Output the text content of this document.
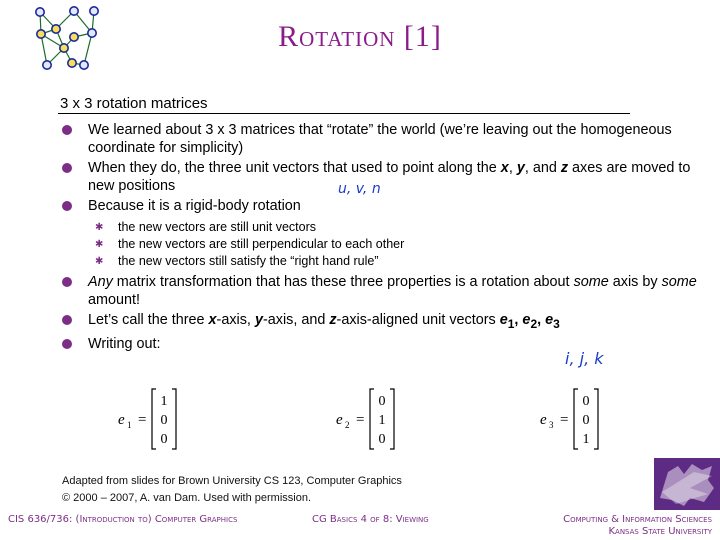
Rotation [1]
3 x 3 rotation matrices
We learned about 3 x 3 matrices that “rotate” the world (we’re leaving out the homogeneous coordinate for simplicity)
When they do, the three unit vectors that used to point along the x, y, and z axes are moved to new positions
Because it is a rigid-body rotation
✱ the new vectors are still unit vectors
✱ the new vectors are still perpendicular to each other
✱ the new vectors still satisfy the “right hand rule”
Any matrix transformation that has these three properties is a rotation about some axis by some amount!
Let’s call the three x-axis, y-axis, and z-axis-aligned unit vectors $e_1$, $e_2$, $e_3$
Writing out:
u, v, n
i, j, k
e 1 =
1
0
0
e 2 =
0
1
0
e 3 =
0
0
1
Adapted from slides for Brown University CS 123, Computer Graphics
© 2000 – 2007, A. van Dam. Used with permission.
CIS 636/736: (Introduction to) Computer Graphics	CG Basics 4 of 8: Viewing	Computing & Information Sciences
Kansas State University
